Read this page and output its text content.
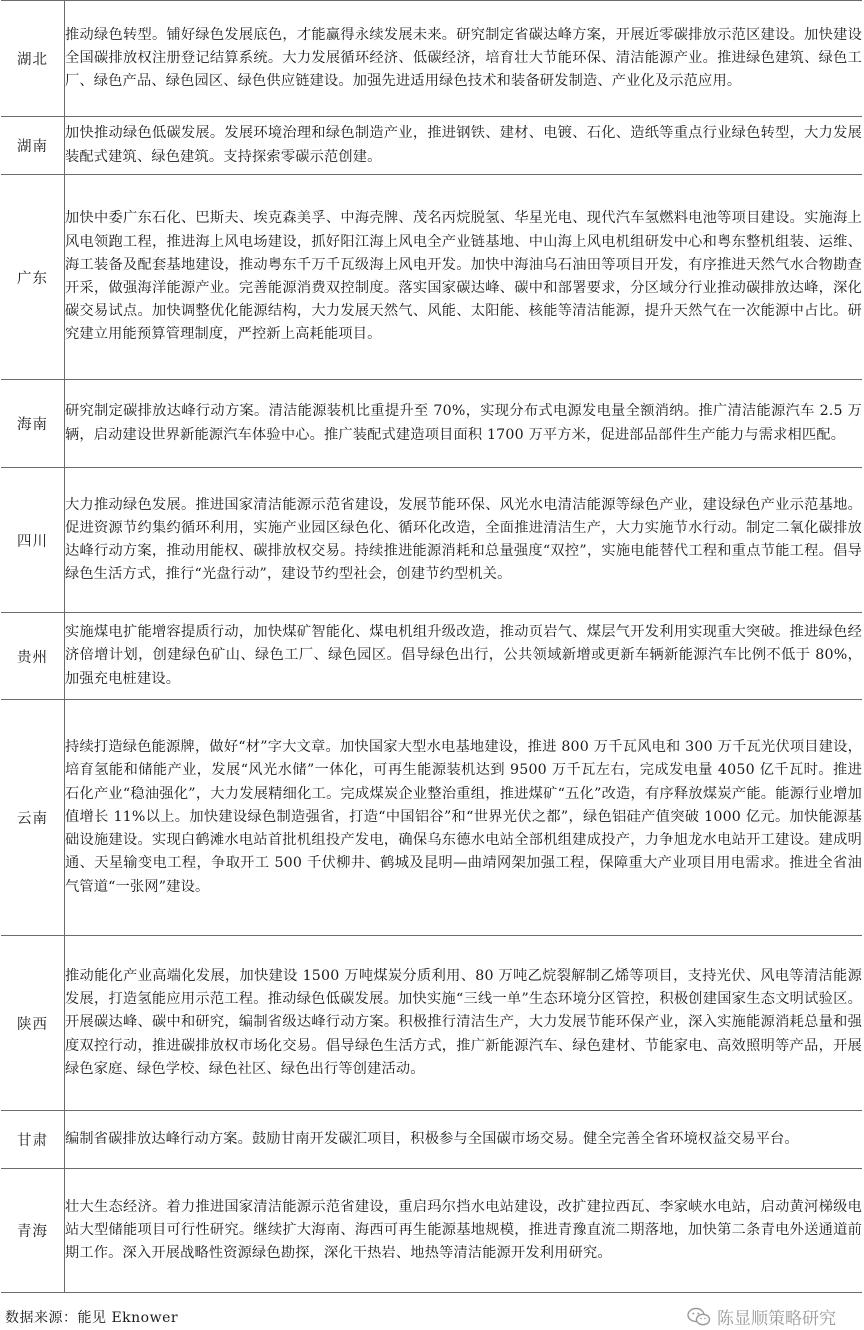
湖北	推动绿色转型。铺好绿色发展底色，才能赢得永续发展未来。研究制定省碳达峰方案，开展近零碳排放示范区建设。加快建设全国碳排放权注册登记结算系统。大力发展循环经济、低碳经济，培育壮大节能环保、清洁能源产业。推进绿色建筑、绿色工厂、绿色产品、绿色园区、绿色供应链建设。加强先进适用绿色技术和装备研发制造、产业化及示范应用。
湖南	加快推动绿色低碳发展。发展环境治理和绿色制造产业，推进钢铁、建材、电镀、石化、造纸等重点行业绿色转型，大力发展装配式建筑、绿色建筑。支持探索零碳示范创建。
广东	加快中委广东石化、巴斯夫、埃克森美孚、中海壳牌、茂名丙烷脱氢、华星光电、现代汽车氢燃料电池等项目建设。实施海上风电领跑工程，推进海上风电场建设，抓好阳江海上风电全产业链基地、中山海上风电机组研发中心和粤东整机组装、运维、海工装备及配套基地建设，推动粤东千万千瓦级海上风电开发。加快中海油乌石油田等项目开发，有序推进天然气水合物勘查开采，做强海洋能源产业。完善能源消费双控制度。落实国家碳达峰、碳中和部署要求，分区域分行业推动碳排放达峰，深化碳交易试点。加快调整优化能源结构，大力发展天然气、风能、太阳能、核能等清洁能源，提升天然气在一次能源中占比。研究建立用能预算管理制度，严控新上高耗能项目。
海南	研究制定碳排放达峰行动方案。清洁能源装机比重提升至 70%，实现分布式电源发电量全额消纳。推广清洁能源汽车 2.5 万辆，启动建设世界新能源汽车体验中心。推广装配式建造项目面积 1700 万平方米，促进部品部件生产能力与需求相匹配。
四川	大力推动绿色发展。推进国家清洁能源示范省建设，发展节能环保、风光水电清洁能源等绿色产业，建设绿色产业示范基地。促进资源节约集约循环利用，实施产业园区绿色化、循环化改造，全面推进清洁生产，大力实施节水行动。制定二氧化碳排放达峰行动方案，推动用能权、碳排放权交易。持续推进能源消耗和总量强度“双控”，实施电能替代工程和重点节能工程。倡导绿色生活方式，推行“光盘行动”，建设节约型社会，创建节约型机关。
贵州	实施煤电扩能增容提质行动，加快煤矿智能化、煤电机组升级改造，推动页岩气、煤层气开发利用实现重大突破。推进绿色经济倍增计划，创建绿色矿山、绿色工厂、绿色园区。倡导绿色出行，公共领域新增或更新车辆新能源汽车比例不低于 80%，加强充电桩建设。
云南	持续打造绿色能源牌，做好“材”字大文章。加快国家大型水电基地建设，推进 800 万千瓦风电和 300 万千瓦光伏项目建设，培育氢能和储能产业，发展“风光水储”一体化，可再生能源装机达到 9500 万千瓦左右，完成发电量 4050 亿千瓦时。推进石化产业“稳油强化”，大力发展精细化工。完成煤炭企业整治重组，推进煤矿“五化”改造，有序释放煤炭产能。能源行业增加值增长 11%以上。加快建设绿色制造强省，打造“中国铝谷”和“世界光伏之都”，绿色铝硅产值突破 1000 亿元。加快能源基础设施建设。实现白鹤滩水电站首批机组投产发电，确保乌东德水电站全部机组建成投产，力争旭龙水电站开工建设。建成明通、天星输变电工程，争取开工 500 千伏柳井、鹤城及昆明—曲靖网架加强工程，保障重大产业项目用电需求。推进全省油气管道“一张网”建设。
陕西	推动能化产业高端化发展，加快建设 1500 万吨煤炭分质利用、80 万吨乙烷裂解制乙烯等项目，支持光伏、风电等清洁能源发展，打造氢能应用示范工程。推动绿色低碳发展。加快实施“三线一单”生态环境分区管控，积极创建国家生态文明试验区。开展碳达峰、碳中和研究，编制省级达峰行动方案。积极推行清洁生产，大力发展节能环保产业，深入实施能源消耗总量和强度双控行动，推进碳排放权市场化交易。倡导绿色生活方式，推广新能源汽车、绿色建材、节能家电、高效照明等产品，开展绿色家庭、绿色学校、绿色社区、绿色出行等创建活动。
甘肃	编制省碳排放达峰行动方案。鼓励甘南开发碳汇项目，积极参与全国碳市场交易。健全完善全省环境权益交易平台。
青海	壮大生态经济。着力推进国家清洁能源示范省建设，重启玛尔挡水电站建设，改扩建拉西瓦、李家峡水电站，启动黄河梯级电站大型储能项目可行性研究。继续扩大海南、海西可再生能源基地规模，推进青豫直流二期落地，加快第二条青电外送通道前期工作。深入开展战略性资源绿色勘探，深化干热岩、地热等清洁能源开发利用研究。
数据来源：能见 Eknower	陈显顺策略研究
